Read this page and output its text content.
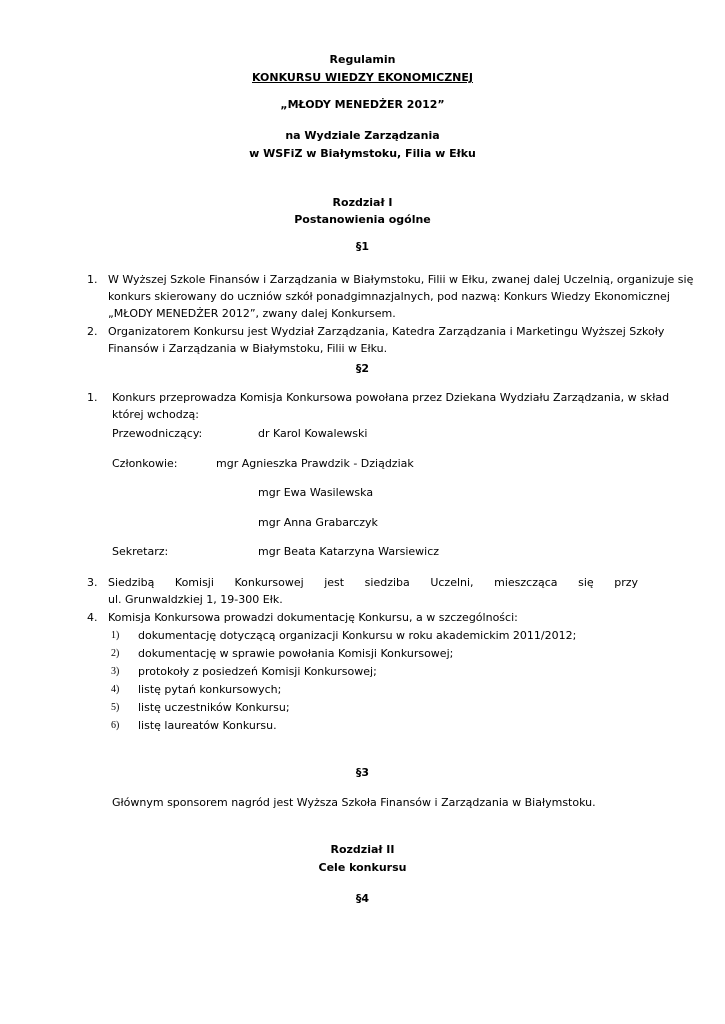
Regulamin
KONKURSU WIEDZY EKONOMICZNEJ
„MŁODY MENEDŻER 2012”
na Wydziale Zarządzania
w WSFiZ w Białymstoku, Filia w Ełku
Rozdział I
Postanowienia ogólne
§1
1. W Wyższej Szkole Finansów i Zarządzania w Białymstoku, Filii w Ełku, zwanej dalej Uczelnią, organizuje się
konkurs skierowany do uczniów szkół ponadgimnazjalnych, pod nazwą: Konkurs Wiedzy Ekonomicznej
„MŁODY MENEDŻER 2012”, zwany dalej Konkursem.
2. Organizatorem Konkursu jest Wydział Zarządzania, Katedra Zarządzania i Marketingu Wyższej Szkoły
Finansów i Zarządzania w Białymstoku, Filii w Ełku.
§2
1. Konkurs przeprowadza Komisja Konkursowa powołana przez Dziekana Wydziału Zarządzania, w skład
której wchodzą:
Przewodniczący:	dr Karol Kowalewski
Członkowie:	mgr Agnieszka Prawdzik - Dziądziak
mgr Ewa Wasilewska
mgr Anna Grabarczyk
Sekretarz:	mgr Beata Katarzyna Warsiewicz
3. Siedzibą Komisji Konkursowej jest siedziba Uczelni, mieszcząca się przy
ul. Grunwaldzkiej 1, 19-300 Ełk.
4. Komisja Konkursowa prowadzi dokumentację Konkursu, a w szczególności:
1) dokumentację dotyczącą organizacji Konkursu w roku akademickim 2011/2012;
2) dokumentację w sprawie powołania Komisji Konkursowej;
3) protokoły z posiedzeń Komisji Konkursowej;
4) listę pytań konkursowych;
5) listę uczestników Konkursu;
6) listę laureatów Konkursu.
§3
Głównym sponsorem nagród jest Wyższa Szkoła Finansów i Zarządzania w Białymstoku.
Rozdział II
Cele konkursu
§4
